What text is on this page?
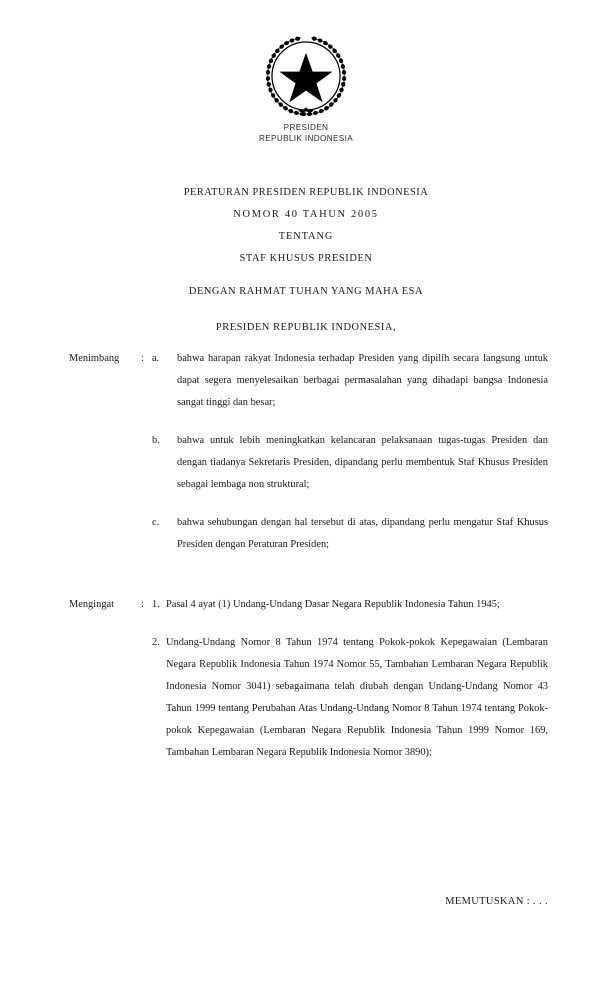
PRESIDEN
REPUBLIK INDONESIA
PERATURAN PRESIDEN REPUBLIK INDONESIA
NOMOR 40 TAHUN 2005
TENTANG
STAF KHUSUS PRESIDEN
DENGAN RAHMAT TUHAN YANG MAHA ESA
PRESIDEN REPUBLIK INDONESIA,
Menimbang	: a.	bahwa harapan rakyat Indonesia terhadap Presiden yang dipilih secara langsung untuk dapat segera menyelesaikan berbagai permasalahan yang dihadapi bangsa Indonesia sangat tinggi dan besar;
b.	bahwa untuk lebih meningkatkan kelancaran pelaksanaan tugas-tugas Presiden dan dengan tiadanya Sekretaris Presiden, dipandang perlu membentuk Staf Khusus Presiden sebagai lembaga non struktural;
c.	bahwa sehubungan dengan hal tersebut di atas, dipandang perlu mengatur Staf Khusus Presiden dengan Peraturan Presiden;
Mengingat	: 1. Pasal 4 ayat (1) Undang-Undang Dasar Negara Republik Indonesia Tahun 1945;
2. Undang-Undang Nomor 8 Tahun 1974 tentang Pokok-pokok Kepegawaian (Lembaran Negara Republik Indonesia Tahun 1974 Nomor 55, Tambahan Lembaran Negara Republik Indonesia Nomor 3041) sebagaimana telah diubah dengan Undang-Undang Nomor 43 Tahun 1999 tentang Perubahan Atas Undang-Undang Nomor 8 Tahun 1974 tentang Pokok-pokok Kepegawaian (Lembaran Negara Republik Indonesia Tahun 1999 Nomor 169, Tambahan Lembaran Negara Republik Indonesia Nomor 3890);
MEMUTUSKAN : . . .
